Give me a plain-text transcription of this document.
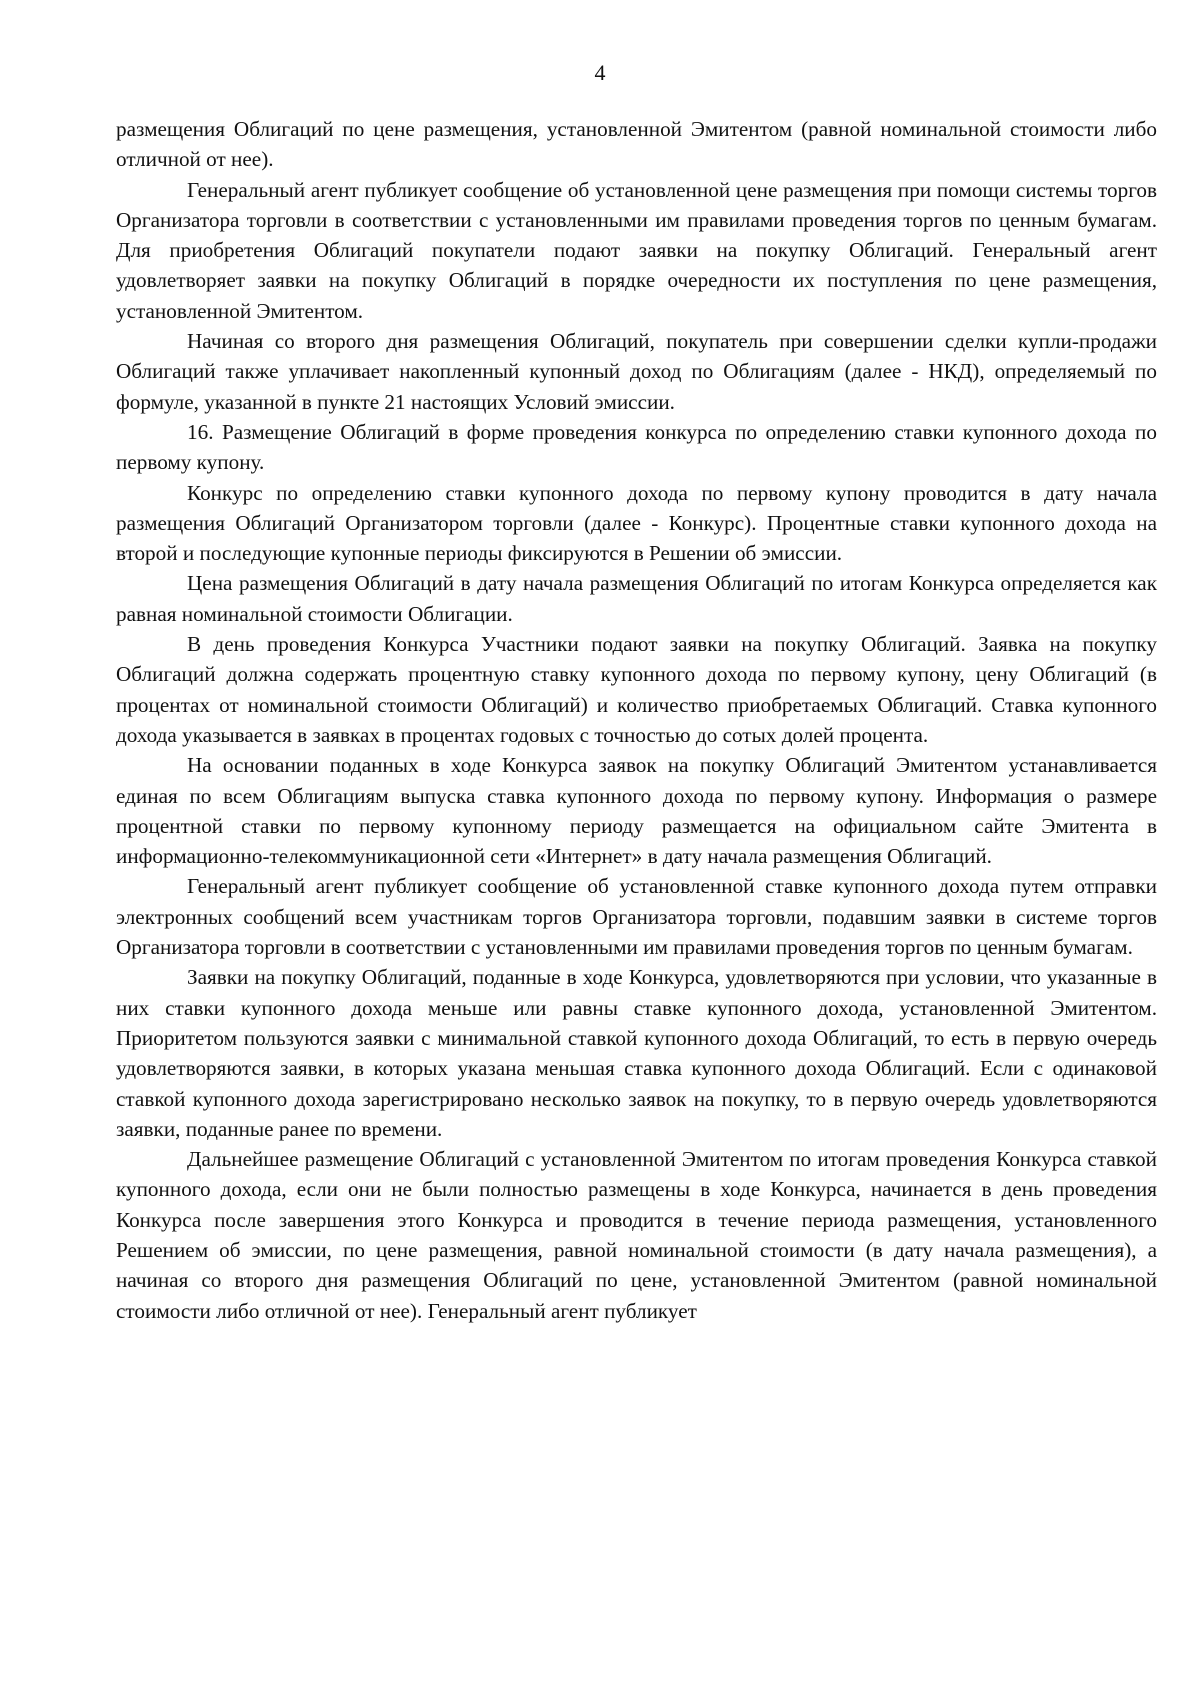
4

размещения Облигаций по цене размещения, установленной Эмитентом (равной номинальной стоимости либо отличной от нее).

Генеральный агент публикует сообщение об установленной цене размещения при помощи системы торгов Организатора торговли в соответствии с установленными им правилами проведения торгов по ценным бумагам. Для приобретения Облигаций покупатели подают заявки на покупку Облигаций. Генеральный агент удовлетворяет заявки на покупку Облигаций в порядке очередности их поступления по цене размещения, установленной Эмитентом.

Начиная со второго дня размещения Облигаций, покупатель при совершении сделки купли-продажи Облигаций также уплачивает накопленный купонный доход по Облигациям (далее - НКД), определяемый по формуле, указанной в пункте 21 настоящих Условий эмиссии.

16. Размещение Облигаций в форме проведения конкурса по определению ставки купонного дохода по первому купону.

Конкурс по определению ставки купонного дохода по первому купону проводится в дату начала размещения Облигаций Организатором торговли (далее - Конкурс). Процентные ставки купонного дохода на второй и последующие купонные периоды фиксируются в Решении об эмиссии.

Цена размещения Облигаций в дату начала размещения Облигаций по итогам Конкурса определяется как равная номинальной стоимости Облигации.

В день проведения Конкурса Участники подают заявки на покупку Облигаций. Заявка на покупку Облигаций должна содержать процентную ставку купонного дохода по первому купону, цену Облигаций (в процентах от номинальной стоимости Облигаций) и количество приобретаемых Облигаций. Ставка купонного дохода указывается в заявках в процентах годовых с точностью до сотых долей процента.

На основании поданных в ходе Конкурса заявок на покупку Облигаций Эмитентом устанавливается единая по всем Облигациям выпуска ставка купонного дохода по первому купону. Информация о размере процентной ставки по первому купонному периоду размещается на официальном сайте Эмитента в информационно-телекоммуникационной сети «Интернет» в дату начала размещения Облигаций.

Генеральный агент публикует сообщение об установленной ставке купонного дохода путем отправки электронных сообщений всем участникам торгов Организатора торговли, подавшим заявки в системе торгов Организатора торговли в соответствии с установленными им правилами проведения торгов по ценным бумагам.

Заявки на покупку Облигаций, поданные в ходе Конкурса, удовлетворяются при условии, что указанные в них ставки купонного дохода меньше или равны ставке купонного дохода, установленной Эмитентом. Приоритетом пользуются заявки с минимальной ставкой купонного дохода Облигаций, то есть в первую очередь удовлетворяются заявки, в которых указана меньшая ставка купонного дохода Облигаций. Если с одинаковой ставкой купонного дохода зарегистрировано несколько заявок на покупку, то в первую очередь удовлетворяются заявки, поданные ранее по времени.

Дальнейшее размещение Облигаций с установленной Эмитентом по итогам проведения Конкурса ставкой купонного дохода, если они не были полностью размещены в ходе Конкурса, начинается в день проведения Конкурса после завершения этого Конкурса и проводится в течение периода размещения, установленного Решением об эмиссии, по цене размещения, равной номинальной стоимости (в дату начала размещения), а начиная со второго дня размещения Облигаций по цене, установленной Эмитентом (равной номинальной стоимости либо отличной от нее). Генеральный агент публикует
